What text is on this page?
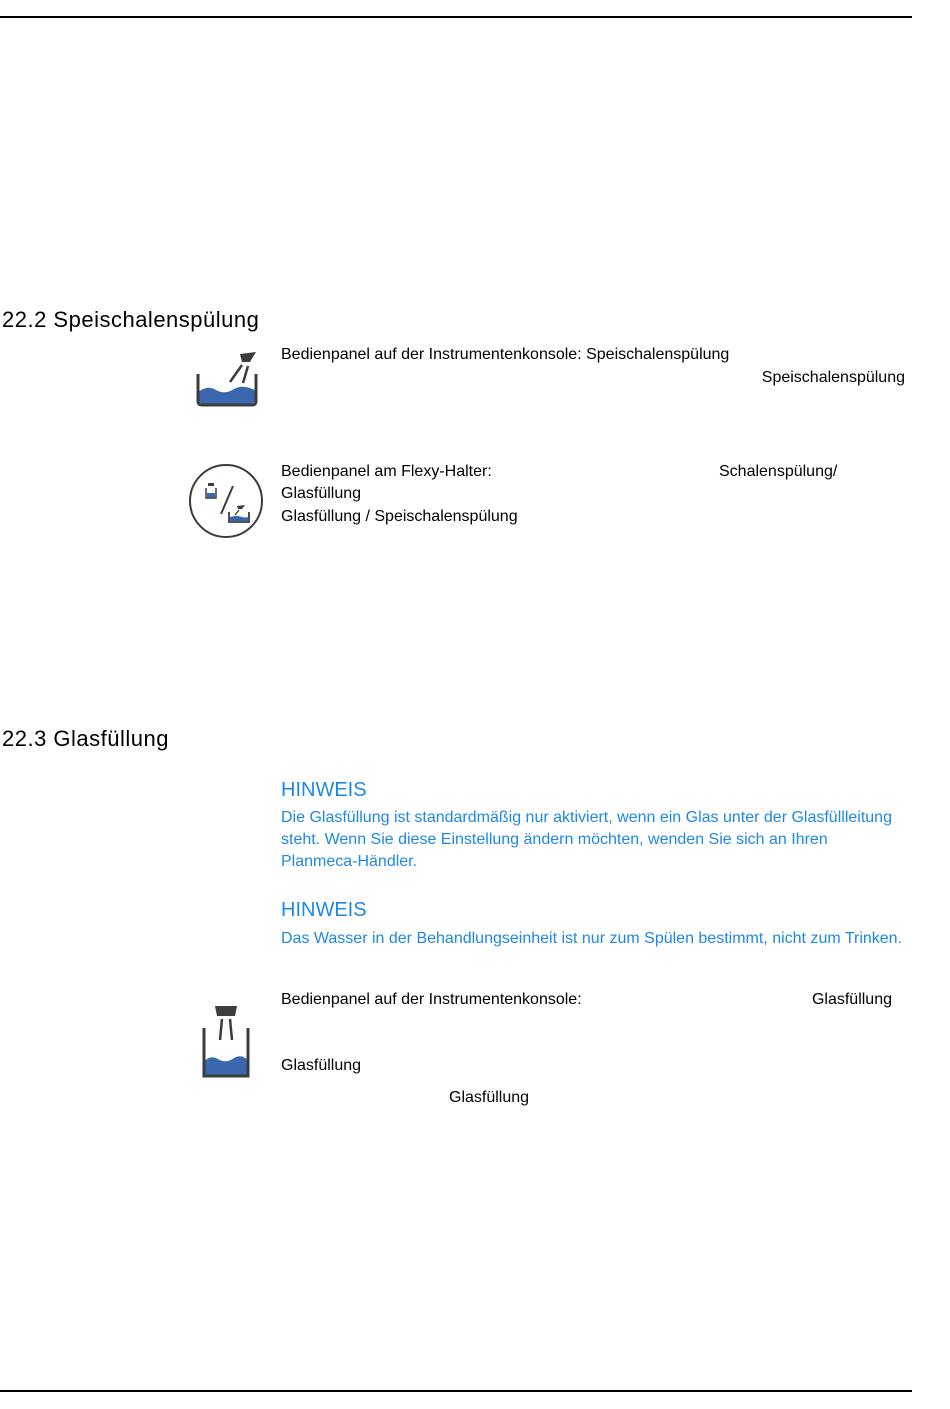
22.2 Speischalenspülung
Bedienpanel auf der Instrumentenkonsole: Speischalenspülung
Speischalenspülung
Bedienpanel am Flexy-Halter:	Schalenspülung/
Glasfüllung
Glasfüllung / Speischalenspülung
22.3 Glasfüllung
HINWEIS
Die Glasfüllung ist standardmäßig nur aktiviert, wenn ein Glas unter der Glasfüllleitung steht. Wenn Sie diese Einstellung ändern möchten, wenden Sie sich an Ihren Planmeca-Händler.
HINWEIS
Das Wasser in der Behandlungseinheit ist nur zum Spülen bestimmt, nicht zum Trinken.
Bedienpanel auf der Instrumentenkonsole:	Glasfüllung
Glasfüllung
Glasfüllung
